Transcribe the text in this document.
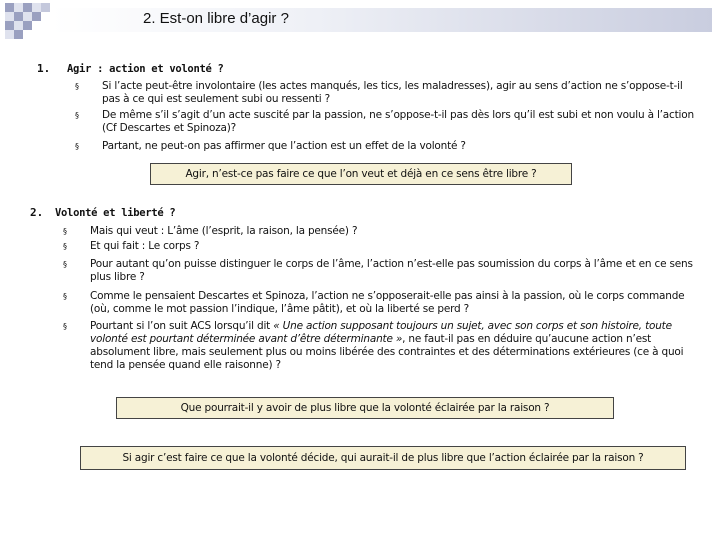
2. Est-on libre d’agir ?
1. Agir : action et volonté ?
§ Si l’acte peut-être involontaire (les actes manqués, les tics, les maladresses), agir au sens d’action ne s’oppose-t-il pas à ce qui est seulement subi ou ressenti ?
§ De même s’il s’agit d’un acte suscité par la passion, ne s’oppose-t-il pas dès lors qu’il est subi et non voulu à l’action (Cf Descartes et Spinoza)?
§ Partant, ne peut-on pas affirmer que l’action est un effet de la volonté ?
Agir, n’est-ce pas faire ce que l’on veut et déjà en ce sens être libre ?
2. Volonté et liberté ?
§ Mais qui veut : L’âme (l’esprit, la raison, la pensée) ?
§ Et qui fait : Le corps ?
§ Pour autant qu’on puisse distinguer le corps de l’âme, l’action n’est-elle pas soumission du corps à l’âme et en ce sens plus libre ?
§ Comme le pensaient Descartes et Spinoza, l’action ne s’opposerait-elle pas ainsi à la passion, où le corps commande (où, comme le mot passion l’indique, l’âme pâtit), et où la liberté se perd ?
§ Pourtant si l’on suit ACS lorsqu’il dit « Une action supposant toujours un sujet, avec son corps et son histoire, toute volonté est pourtant déterminée avant d’être déterminante », ne faut-il pas en déduire qu’aucune action n’est absolument libre, mais seulement plus ou moins libérée des contraintes et des déterminations extérieures (ce à quoi tend la pensée quand elle raisonne) ?
Que pourrait-il y avoir de plus libre que la volonté éclairée par la raison ?
Si agir c’est faire ce que la volonté décide, qui aurait-il de plus libre que l’action éclairée par la raison ?
